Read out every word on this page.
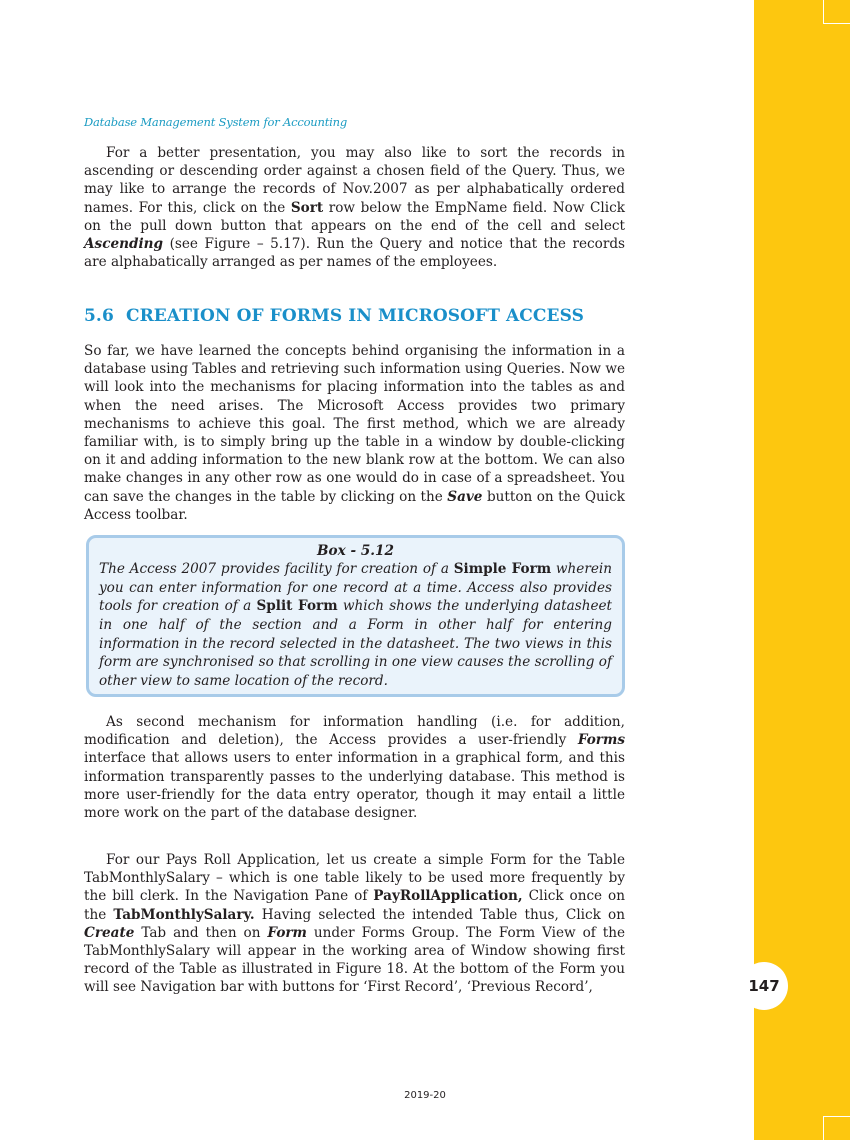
147
Database Management System for Accounting

For a better presentation, you may also like to sort the records in ascending or descending order against a chosen field of the Query. Thus, we may like to arrange the records of Nov.2007 as per alphabatically ordered names. For this, click on the Sort row below the EmpName field. Now Click on the pull down button that appears on the end of the cell and select Ascending (see Figure – 5.17). Run the Query and notice that the records are alphabatically arranged as per names of the employees.

5.6 CREATION OF FORMS IN MICROSOFT ACCESS

So far, we have learned the concepts behind organising the information in a database using Tables and retrieving such information using Queries. Now we will look into the mechanisms for placing information into the tables as and when the need arises. The Microsoft Access provides two primary mechanisms to achieve this goal. The first method, which we are already familiar with, is to simply bring up the table in a window by double-clicking on it and adding information to the new blank row at the bottom. We can also make changes in any other row as one would do in case of a spreadsheet. You can save the changes in the table by clicking on the Save button on the Quick Access toolbar.

Box - 5.12

The Access 2007 provides facility for creation of a Simple Form wherein you can enter information for one record at a time. Access also provides tools for creation of a Split Form which shows the underlying datasheet in one half of the section and a Form in other half for entering information in the record selected in the datasheet. The two views in this form are synchronised so that scrolling in one view causes the scrolling of other view to same location of the record.

As second mechanism for information handling (i.e. for addition, modification and deletion), the Access provides a user-friendly Forms interface that allows users to enter information in a graphical form, and this information transparently passes to the underlying database. This method is more user-friendly for the data entry operator, though it may entail a little more work on the part of the database designer.

For our Pays Roll Application, let us create a simple Form for the Table TabMonthlySalary – which is one table likely to be used more frequently by the bill clerk. In the Navigation Pane of PayRollApplication, Click once on the TabMonthlySalary. Having selected the intended Table thus, Click on Create Tab and then on Form under Forms Group. The Form View of the TabMonthlySalary will appear in the working area of Window showing first record of the Table as illustrated in Figure 18. At the bottom of the Form you will see Navigation bar with buttons for ‘First Record’, ‘Previous Record’,

2019-20
